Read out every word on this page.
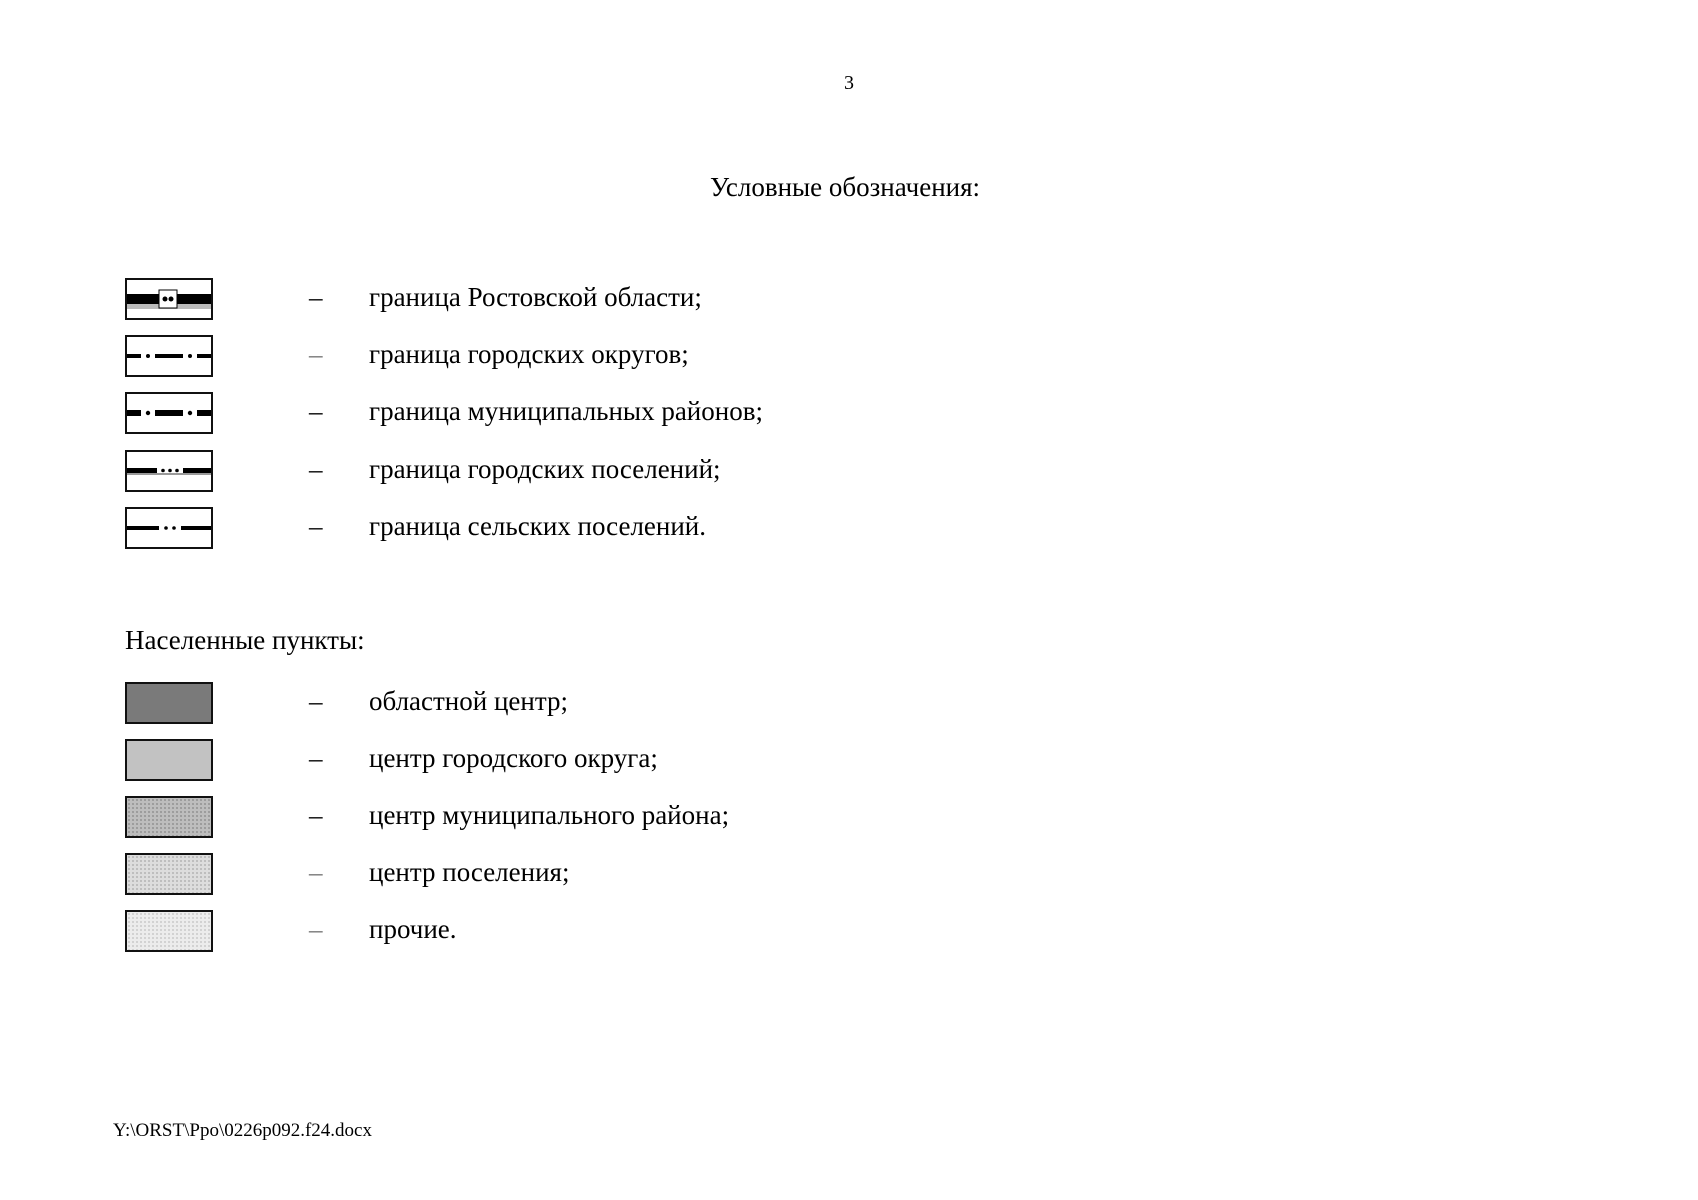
3
Условные обозначения:
– граница Ростовской области;
– граница городских округов;
– граница муниципальных районов;
– граница городских поселений;
– граница сельских поселений.
Населенные пункты:
– областной центр;
– центр городского округа;
– центр муниципального района;
– центр поселения;
– прочие.
Y:\ORST\Ppo\0226p092.f24.docx
